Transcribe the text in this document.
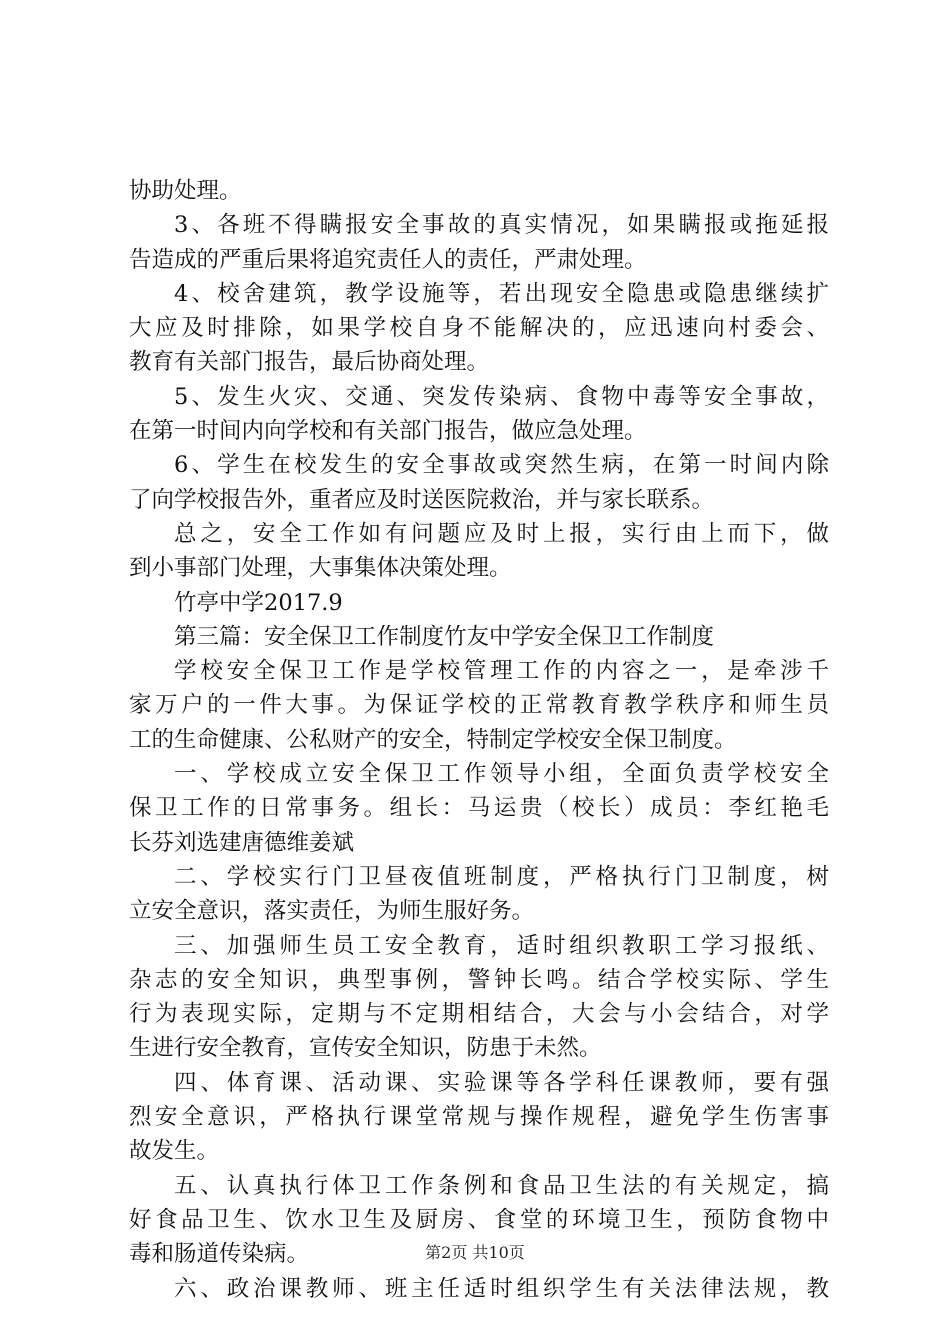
协助处理。
3、各班不得瞒报安全事故的真实情况，如果瞒报或拖延报
告造成的严重后果将追究责任人的责任，严肃处理。
4、校舍建筑，教学设施等，若出现安全隐患或隐患继续扩
大应及时排除，如果学校自身不能解决的，应迅速向村委会、
教育有关部门报告，最后协商处理。
5、发生火灾、交通、突发传染病、食物中毒等安全事故，
在第一时间内向学校和有关部门报告，做应急处理。
6、学生在校发生的安全事故或突然生病，在第一时间内除
了向学校报告外，重者应及时送医院救治，并与家长联系。
总之，安全工作如有问题应及时上报，实行由上而下，做
到小事部门处理，大事集体决策处理。
竹亭中学2017.9
第三篇：安全保卫工作制度竹友中学安全保卫工作制度
学校安全保卫工作是学校管理工作的内容之一，是牵涉千
家万户的一件大事。为保证学校的正常教育教学秩序和师生员
工的生命健康、公私财产的安全，特制定学校安全保卫制度。
一、学校成立安全保卫工作领导小组，全面负责学校安全
保卫工作的日常事务。组长：马运贵（校长）成员：李红艳毛
长芬刘选建唐德维姜斌
二、学校实行门卫昼夜值班制度，严格执行门卫制度，树
立安全意识，落实责任，为师生服好务。
三、加强师生员工安全教育，适时组织教职工学习报纸、
杂志的安全知识，典型事例，警钟长鸣。结合学校实际、学生
行为表现实际，定期与不定期相结合，大会与小会结合，对学
生进行安全教育，宣传安全知识，防患于未然。
四、体育课、活动课、实验课等各学科任课教师，要有强
烈安全意识，严格执行课堂常规与操作规程，避免学生伤害事
故发生。
五、认真执行体卫工作条例和食品卫生法的有关规定，搞
好食品卫生、饮水卫生及厨房、食堂的环境卫生，预防食物中
毒和肠道传染病。
六、政治课教师、班主任适时组织学生有关法律法规，教
第2页 共10页
